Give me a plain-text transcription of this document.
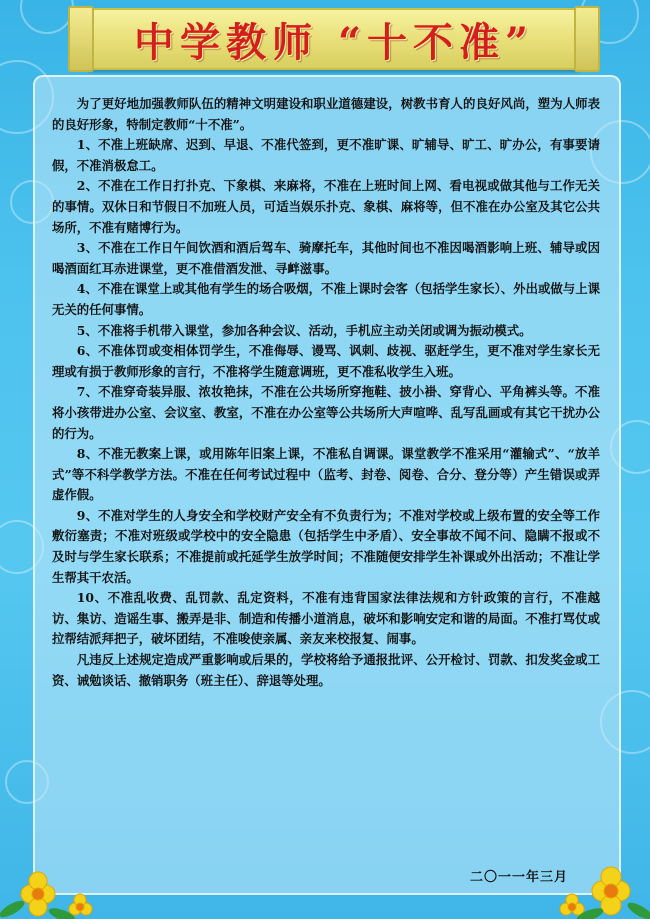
中学教师 “十不准”

为了更好地加强教师队伍的精神文明建设和职业道德建设，树教书育人的良好风尚，塑为人师表的良好形象，特制定教师“十不准”。

1、不准上班缺席、迟到、早退、不准代签到，更不准旷课、旷辅导、旷工、旷办公，有事要请假，不准消极怠工。

2、不准在工作日打扑克、下象棋、来麻将，不准在上班时间上网、看电视或做其他与工作无关的事情。双休日和节假日不加班人员，可适当娱乐扑克、象棋、麻将等，但不准在办公室及其它公共场所，不准有赌博行为。

3、不准在工作日午间饮酒和酒后驾车、骑摩托车，其他时间也不准因喝酒影响上班、辅导或因喝酒面红耳赤进课堂，更不准借酒发泄、寻衅滋事。

4、不准在课堂上或其他有学生的场合吸烟，不准上课时会客（包括学生家长）、外出或做与上课无关的任何事情。

5、不准将手机带入课堂，参加各种会议、活动，手机应主动关闭或调为振动模式。

6、不准体罚或变相体罚学生，不准侮辱、谩骂、讽刺、歧视、驱赶学生，更不准对学生家长无理或有损于教师形象的言行，不准将学生随意调班，更不准私收学生入班。

7、不准穿奇装异服、浓妆艳抹，不准在公共场所穿拖鞋、披小褂、穿背心、平角裤头等。不准将小孩带进办公室、会议室、教室，不准在办公室等公共场所大声喧哗、乱写乱画或有其它干扰办公的行为。

8、不准无教案上课，或用陈年旧案上课，不准私自调课。课堂教学不准采用“灌输式”、“放羊式”等不科学教学方法。不准在任何考试过程中（监考、封卷、阅卷、合分、登分等）产生错误或弄虚作假。

9、不准对学生的人身安全和学校财产安全有不负责行为；不准对学校或上级布置的安全等工作敷衍塞责；不准对班级或学校中的安全隐患（包括学生中矛盾）、安全事故不闻不问、隐瞒不报或不及时与学生家长联系；不准提前或托延学生放学时间；不准随便安排学生补课或外出活动；不准让学生帮其干农活。

10、不准乱收费、乱罚款、乱定资料，不准有违背国家法律法规和方针政策的言行，不准越访、集访、造谣生事、搬弄是非、制造和传播小道消息，破坏和影响安定和谐的局面。不准打骂仗或拉帮结派拜把子，破坏团结，不准唆使亲属、亲友来校报复、闹事。

凡违反上述规定造成严重影响或后果的，学校将给予通报批评、公开检讨、罚款、扣发奖金或工资、诫勉谈话、撤销职务（班主任）、辞退等处理。

二〇一一年三月
